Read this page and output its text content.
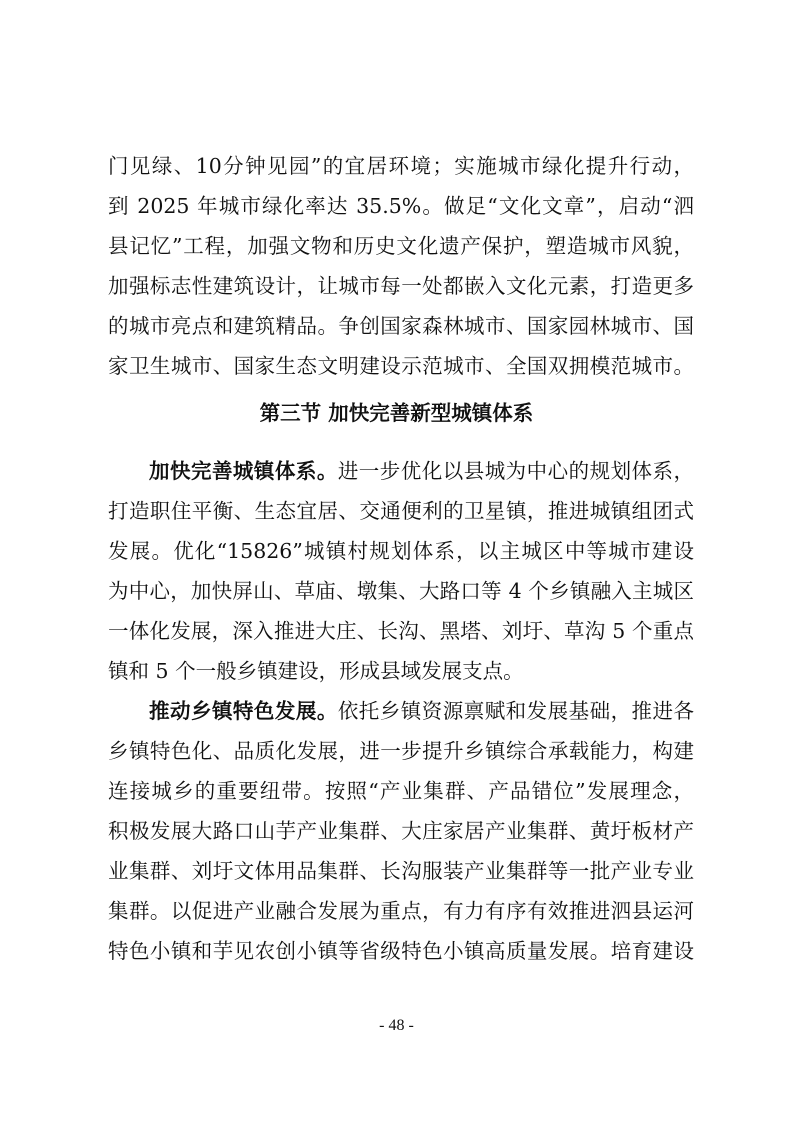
门见绿、10分钟见园”的宜居环境；实施城市绿化提升行动，
到 2025 年城市绿化率达 35.5%。做足“文化文章”，启动“泗
县记忆”工程，加强文物和历史文化遗产保护，塑造城市风貌，
加强标志性建筑设计，让城市每一处都嵌入文化元素，打造更多
的城市亮点和建筑精品。争创国家森林城市、国家园林城市、国
家卫生城市、国家生态文明建设示范城市、全国双拥模范城市。
第三节 加快完善新型城镇体系
加快完善城镇体系。进一步优化以县城为中心的规划体系，
打造职住平衡、生态宜居、交通便利的卫星镇，推进城镇组团式
发展。优化“15826”城镇村规划体系，以主城区中等城市建设
为中心，加快屏山、草庙、墩集、大路口等 4 个乡镇融入主城区
一体化发展，深入推进大庄、长沟、黑塔、刘圩、草沟 5 个重点
镇和 5 个一般乡镇建设，形成县域发展支点。
推动乡镇特色发展。依托乡镇资源禀赋和发展基础，推进各
乡镇特色化、品质化发展，进一步提升乡镇综合承载能力，构建
连接城乡的重要纽带。按照“产业集群、产品错位”发展理念，
积极发展大路口山芋产业集群、大庄家居产业集群、黄圩板材产
业集群、刘圩文体用品集群、长沟服装产业集群等一批产业专业
集群。以促进产业融合发展为重点，有力有序有效推进泗县运河
特色小镇和芋见农创小镇等省级特色小镇高质量发展。培育建设
- 48 -
